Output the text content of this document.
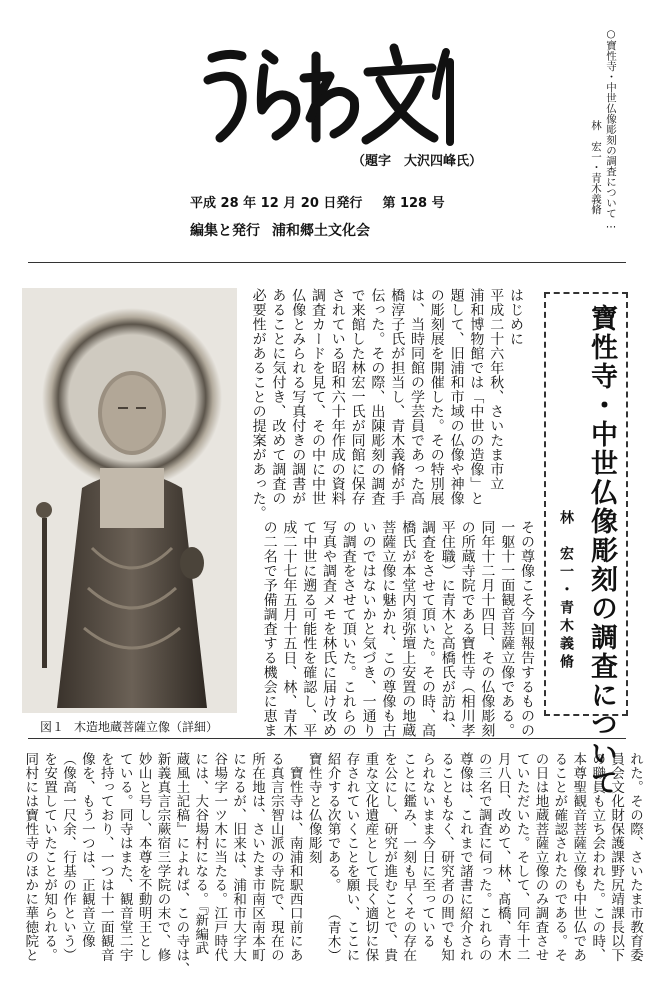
（題字　大沢四峰氏）
平成 28 年 12 月 20 日発行 第 128 号
編集と発行 浦和郷土文化会
○寶性寺・中世仏像彫刻の調査について…
林　宏一・青木義脩
図１ 木造地蔵菩薩立像（詳細）	寶性寺・中世仏像彫刻の調査について
林　宏一・青木義脩
はじめに
平成二十六年秋、さいたま市立
浦和博物館では「中世の造像」と
題して、旧浦和市域の仏像や神像
の彫刻展を開催した。その特別展
は、当時同館の学芸員であった高
橋淳子氏が担当し、青木義脩が手
伝った。その際、出陳彫刻の調査
で来館した林宏一氏が同館に保存
されている昭和六十年作成の資料
調査カードを見て、その中に中世
仏像とみられる写真付きの調書が
あることに気付き、改めて調査の
必要性があることの提案があった。
その尊像こそ今回報告するものの
一躯十一面観音菩薩立像である。
同年十二月十四日、その仏像彫刻
の所蔵寺院である寶性寺（相川孝
平住職）に青木と高橋氏が訪ね、
調査をさせて頂いた。その時、高
橋氏が本堂内須弥壇上安置の地蔵
菩薩立像に魅かれ、この尊像も古
いのではないかと気づき、一通り
の調査をさせて頂いた。これらの
写真や調査メモを林氏に届け改め
て中世に遡る可能性を確認し、平
成二十七年五月十五日、林、青木
の二名で予備調査する機会に恵ま
れた。その際、さいたま市教育委
員会文化財保護課野尻靖課長以下
の職員も立ち会われた。この時、
本尊聖観音菩薩立像も中世仏であ
ることが確認されたのである。そ
の日は地蔵菩薩立像のみ調査させ
ていただいた。そして、同年十二
月八日、改めて、林、髙橋、青木
の三名で調査に伺った。これらの
尊像は、これまで諸書に紹介され
ることもなく、研究者の間でも知
られないまま今日に至っている
ことに鑑み、一刻も早くその存在
を公にし、研究が進むことで、貴
重な文化遺産として長く適切に保
存されていくことを願い、ここに
紹介する次第である。　　（青木）
寶性寺と仏像彫刻
　寶性寺は、南浦和駅西口前にあ
る真言宗智山派の寺院で、現在の
所在地は、さいたま市南区南本町
になるが、旧来は、浦和市大字大
谷場字一ツ木に当たる。江戸時代
には、大谷場村になる。『新編武
蔵風土記稿』によれば、この寺は、
新義真言宗蕨宿三学院の末で、修
妙山と号し、本尊を不動明王とし
ている。同寺はまた、観音堂二宇
を持っており、一つは十一面観音
像を、もう一つは、正観音立像
（像高一尺余、行基の作という）
を安置していたことが知られる。
同村には寶性寺のほかに華徳院と
